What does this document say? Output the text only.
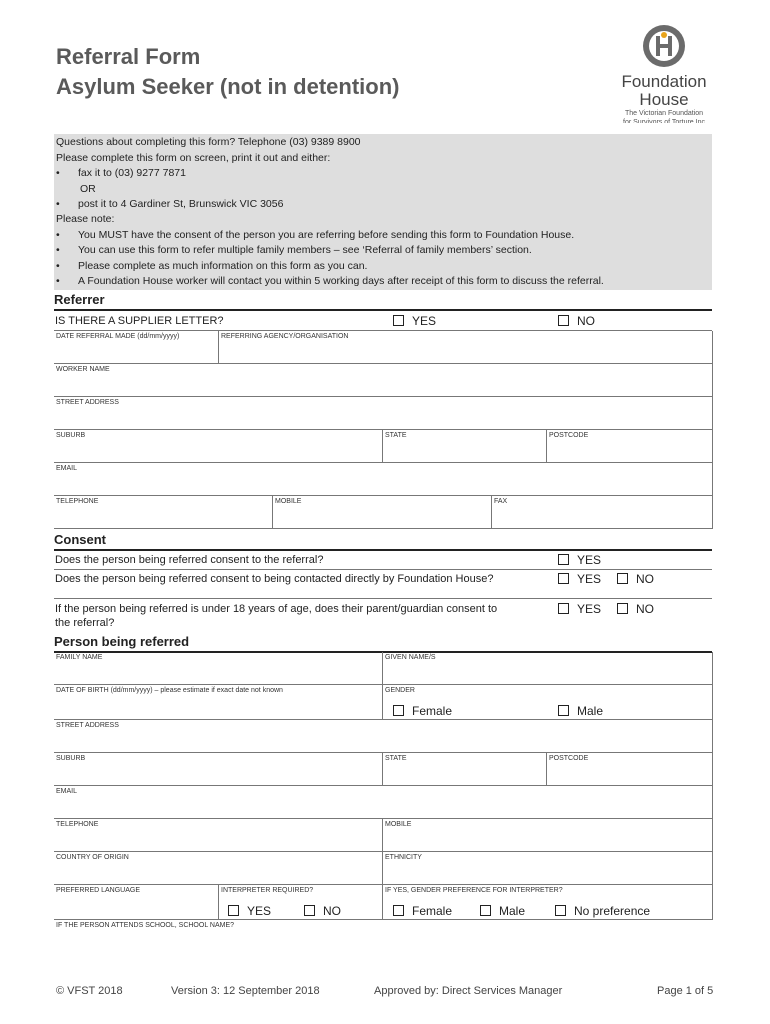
Referral Form
Asylum Seeker (not in detention)	Foundation
House
The Victorian Foundation
for Survivors of Torture Inc
Questions about completing this form? Telephone (03) 9389 8900
Please complete this form on screen, print it out and either:
• fax it to (03) 9277 7871
OR
• post it to 4 Gardiner St, Brunswick VIC 3056
Please note:
• You MUST have the consent of the person you are referring before sending this form to Foundation House.
• You can use this form to refer multiple family members – see ‘Referral of family members’ section.
• Please complete as much information on this form as you can.
• A Foundation House worker will contact you within 5 working days after receipt of this form to discuss the referral.
Referrer
IS THERE A SUPPLIER LETTER?	YES	NO
DATE REFERRAL MADE (dd/mm/yyyy)	REFERRING AGENCY/ORGANISATION
WORKER NAME
STREET ADDRESS
SUBURB	STATE	POSTCODE
EMAIL
TELEPHONE	MOBILE	FAX
Consent
Does the person being referred consent to the referral?	YES
Does the person being referred consent to being contacted directly by Foundation House?	YES	NO
If the person being referred is under 18 years of age, does their parent/guardian consent to
the referral?
YES	NO
Person being referred
FAMILY NAME	GIVEN NAME/S
DATE OF BIRTH (dd/mm/yyyy) – please estimate if exact date not known	GENDER
Female	Male
STREET ADDRESS
SUBURB	STATE	POSTCODE
EMAIL
TELEPHONE	MOBILE
COUNTRY OF ORIGIN	ETHNICITY
PREFERRED LANGUAGE	INTERPRETER REQUIRED?	IF YES, GENDER PREFERENCE FOR INTERPRETER?
YES	NO	Female	Male	No preference
IF THE PERSON ATTENDS SCHOOL, SCHOOL NAME?
© VFST 2018	Version 3: 12 September 2018	Approved by: Direct Services Manager	Page 1 of 5
